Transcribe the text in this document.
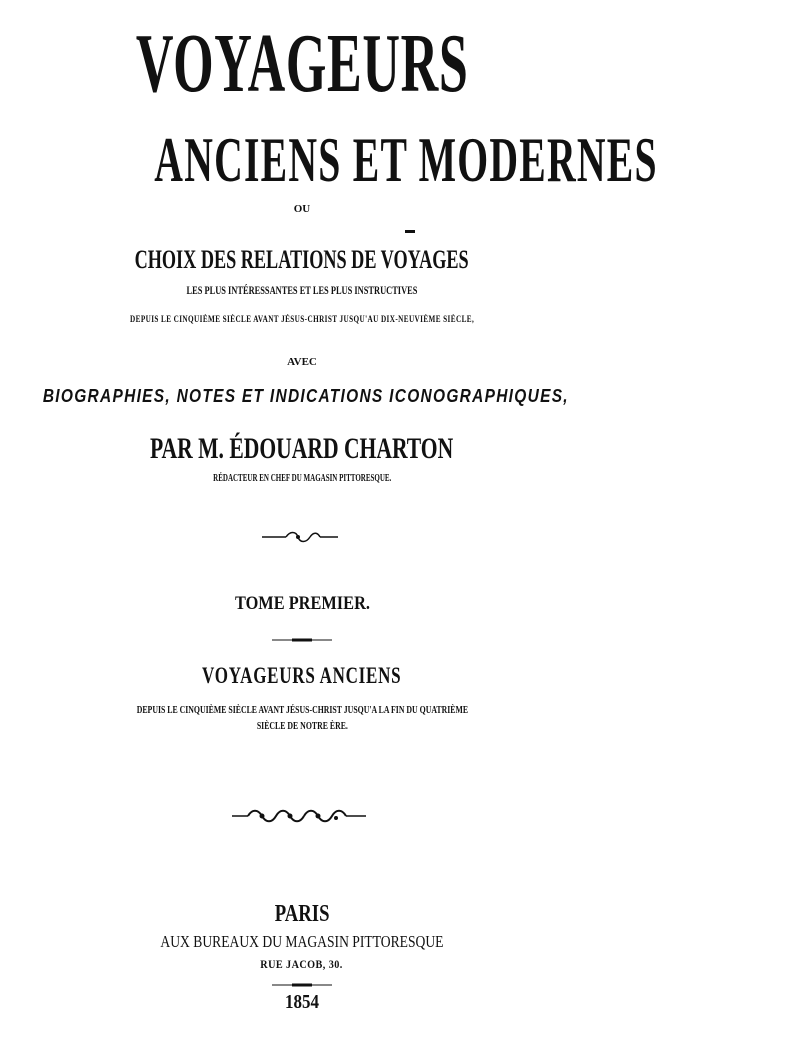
VOYAGEURS
ANCIENS ET MODERNES
OU
CHOIX DES RELATIONS DE VOYAGES
LES PLUS INTÉRESSANTES ET LES PLUS INSTRUCTIVES
DEPUIS LE CINQUIÈME SIÈCLE AVANT JÉSUS-CHRIST JUSQU'AU DIX-NEUVIÈME SIÈCLE,
AVEC
BIOGRAPHIES, NOTES ET INDICATIONS ICONOGRAPHIQUES,
PAR M. ÉDOUARD CHARTON
RÉDACTEUR EN CHEF DU MAGASIN PITTORESQUE.
TOME PREMIER.
VOYAGEURS ANCIENS
DEPUIS LE CINQUIÈME SIÈCLE AVANT JÉSUS-CHRIST JUSQU'A LA FIN DU QUATRIÈME
SIÈCLE DE NOTRE ÈRE.
PARIS
AUX BUREAUX DU MAGASIN PITTORESQUE
RUE JACOB, 30.
1854
